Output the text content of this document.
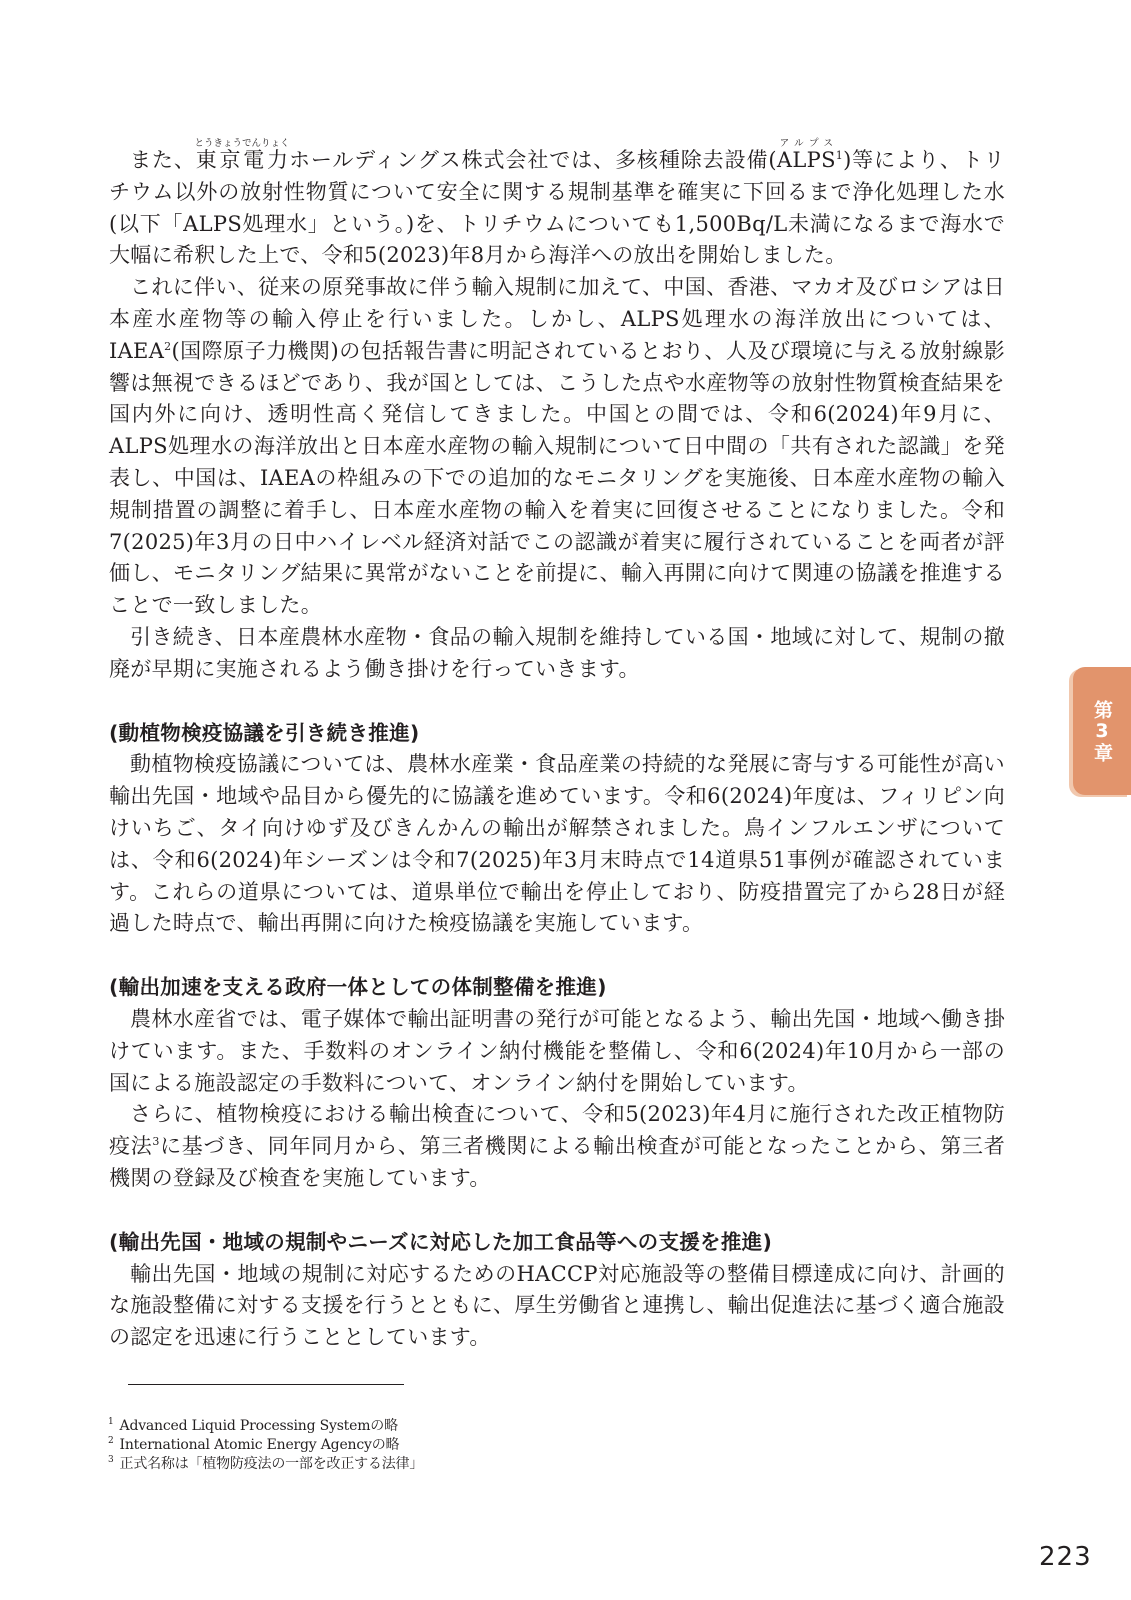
また、東京電力とうきょうでんりょくホールディングス株式会社では、多核種除去設備(ALPSアルプス$^1$)等により、トリチウム以外の放射性物質について安全に関する規制基準を確実に下回るまで浄化処理した水(以下「ALPS処理水」という。)を、トリチウムについても1,500Bq/L未満になるまで海水で大幅に希釈した上で、令和5(2023)年8月から海洋への放出を開始しました。

これに伴い、従来の原発事故に伴う輸入規制に加えて、中国、香港、マカオ及びロシアは日本産水産物等の輸入停止を行いました。しかし、ALPS処理水の海洋放出については、IAEA$^2$(国際原子力機関)の包括報告書に明記されているとおり、人及び環境に与える放射線影響は無視できるほどであり、我が国としては、こうした点や水産物等の放射性物質検査結果を国内外に向け、透明性高く発信してきました。中国との間では、令和6(2024)年9月に、ALPS処理水の海洋放出と日本産水産物の輸入規制について日中間の「共有された認識」を発表し、中国は、IAEAの枠組みの下での追加的なモニタリングを実施後、日本産水産物の輸入規制措置の調整に着手し、日本産水産物の輸入を着実に回復させることになりました。令和7(2025)年3月の日中ハイレベル経済対話でこの認識が着実に履行されていることを両者が評価し、モニタリング結果に異常がないことを前提に、輸入再開に向けて関連の協議を推進することで一致しました。

引き続き、日本産農林水産物・食品の輸入規制を維持している国・地域に対して、規制の撤廃が早期に実施されるよう働き掛けを行っていきます。

(動植物検疫協議を引き続き推進)

動植物検疫協議については、農林水産業・食品産業の持続的な発展に寄与する可能性が高い輸出先国・地域や品目から優先的に協議を進めています。令和6(2024)年度は、フィリピン向けいちご、タイ向けゆず及びきんかんの輸出が解禁されました。鳥インフルエンザについては、令和6(2024)年シーズンは令和7(2025)年3月末時点で14道県51事例が確認されています。これらの道県については、道県単位で輸出を停止しており、防疫措置完了から28日が経過した時点で、輸出再開に向けた検疫協議を実施しています。

(輸出加速を支える政府一体としての体制整備を推進)

農林水産省では、電子媒体で輸出証明書の発行が可能となるよう、輸出先国・地域へ働き掛けています。また、手数料のオンライン納付機能を整備し、令和6(2024)年10月から一部の国による施設認定の手数料について、オンライン納付を開始しています。

さらに、植物検疫における輸出検査について、令和5(2023)年4月に施行された改正植物防疫法$^3$に基づき、同年同月から、第三者機関による輸出検査が可能となったことから、第三者機関の登録及び検査を実施しています。

(輸出先国・地域の規制やニーズに対応した加工食品等への支援を推進)

輸出先国・地域の規制に対応するためのHACCP対応施設等の整備目標達成に向け、計画的な施設整備に対する支援を行うとともに、厚生労働省と連携し、輸出促進法に基づく適合施設の認定を迅速に行うこととしています。

$^1$ Advanced Liquid Processing Systemの略
$^2$ International Atomic Energy Agencyの略
$^3$ 正式名称は「植物防疫法の一部を改正する法律」
第3章
223
